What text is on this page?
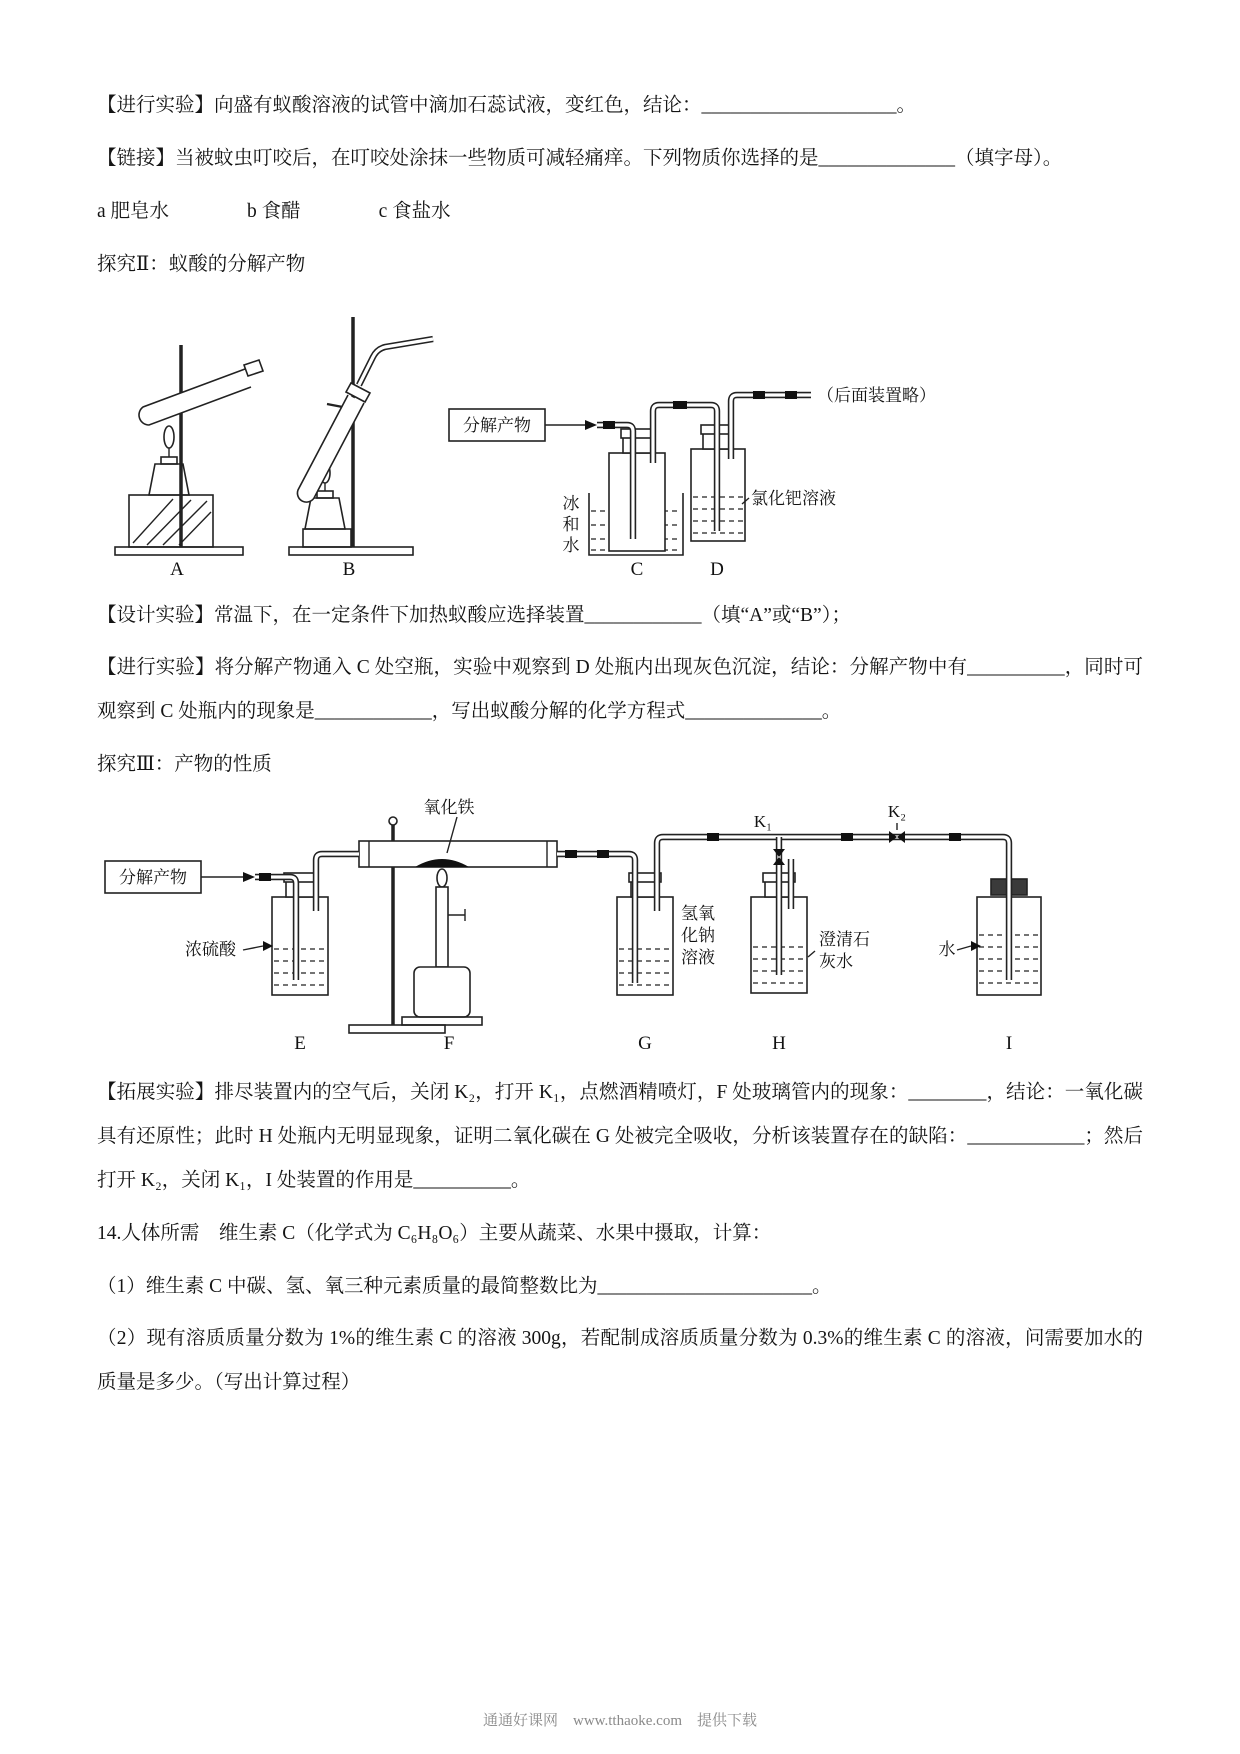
【进行实验】向盛有蚁酸溶液的试管中滴加石蕊试液，变红色，结论：____________________。

【链接】当被蚊虫叮咬后，在叮咬处涂抹一些物质可减轻痛痒。下列物质你选择的是______________（填字母）。

a 肥皂水　　　　b 食醋　　　　c 食盐水

探究Ⅱ：蚁酸的分解产物

分解产物
（后面装置略）
冰
和
水
氯化钯溶液
A	B	C	D

【设计实验】常温下，在一定条件下加热蚁酸应选择装置____________（填“A”或“B”）；

【进行实验】将分解产物通入 C 处空瓶，实验中观察到 D 处瓶内出现灰色沉淀，结论：分解产物中有__________，同时可观察到 C 处瓶内的现象是____________，写出蚁酸分解的化学方程式______________。

探究Ⅲ：产物的性质

分解产物
浓硫酸
氧化铁
氢氧
化钠
溶液
澄清石
灰水
水
K₁
K₂
E	F	G	H	I

【拓展实验】排尽装置内的空气后，关闭 K₂，打开 K₁，点燃酒精喷灯，F 处玻璃管内的现象：________，结论：一氧化碳具有还原性；此时 H 处瓶内无明显现象，证明二氧化碳在 G 处被完全吸收，分析该装置存在的缺陷：____________；然后打开 K₂，关闭 K₁，I 处装置的作用是__________。

14.人体所需　维生素 C（化学式为 C₆H₈O₆）主要从蔬菜、水果中摄取，计算：

（1）维生素 C 中碳、氢、氧三种元素质量的最简整数比为______________________。

（2）现有溶质质量分数为 1%的维生素 C 的溶液 300g，若配制成溶质质量分数为 0.3%的维生素 C 的溶液，问需要加水的质量是多少。（写出计算过程）

通通好课网　www.tthaoke.com　提供下载
